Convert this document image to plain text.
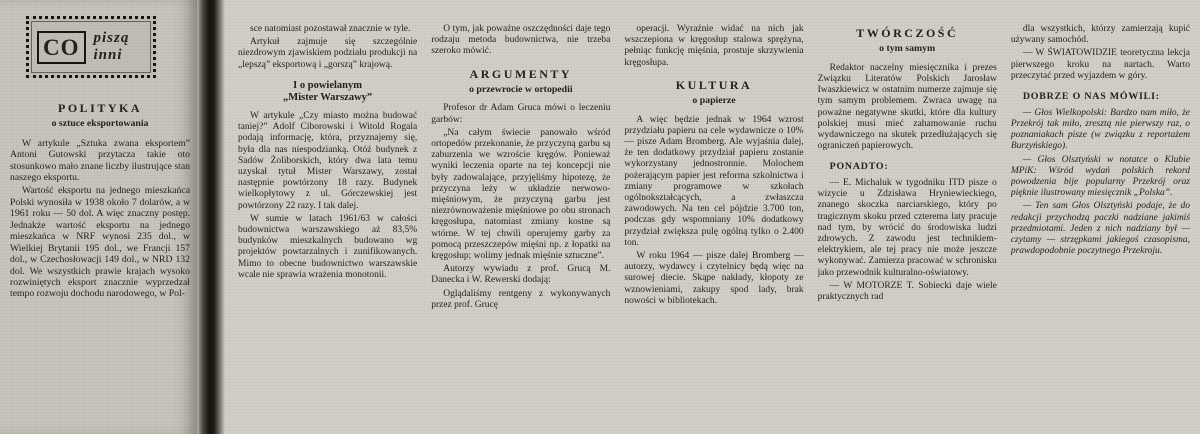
CO piszą
inni
POLITYKA
o sztuce eksportowania

W artykule „Sztuka zwana eksportem” Antoni Gutowski przytacza takie oto stosunkowo mało znane liczby ilustrujące stan naszego eksportu.

Wartość eksportu na jednego mieszkańca Polski wynosiła w 1938 około 7 dolarów, a w 1961 roku — 50 dol. A więc znaczny postęp. Jednakże wartość eksportu na jednego mieszkańca w NRF wynosi 235 dol., w Wielkiej Brytanii 195 dol., we Francji 157 dol., w Czechosłowacji 149 dol., w NRD 132 dol. We wszystkich prawie krajach wysoko rozwiniętych eksport znacznie wyprzedzał tempo rozwoju dochodu narodowego, w Pol-

sce natomiast pozostawał znacznie w tyle.

Artykuł zajmuje się szczególnie niezdrowym zjawiskiem podziału produkcji na „lepszą” eksportową i „gorszą” krajową.

I o powielanym
„Mister Warszawy”

W artykule „Czy miasto można budować taniej?” Adolf Ciborowski i Witold Rogala podają informację, która, przyznajemy się, była dla nas niespodzianką. Otóż budynek z Sadów Żoliborskich, który dwa lata temu uzyskał tytuł Mister Warszawy, został następnie powtórzony 18 razy. Budynek wielkopłytowy z ul. Górczewskiej jest powtórzony 22 razy. I tak dalej.

W sumie w latach 1961/63 w całości budownictwa warszawskiego aż 83,5% budynków mieszkalnych budowano wg projektów powtarzalnych i zunifikowanych. Mimo to obecne budownictwo warszawskie wcale nie sprawia wrażenia monotonii.

O tym, jak poważne oszczędności daje tego rodzaju metoda budownictwa, nie trzeba szeroko mówić.

ARGUMENTY
o przewrocie w ortopedii

Profesor dr Adam Gruca mówi o leczeniu garbów:

„Na całym świecie panowało wśród ortopedów przekonanie, że przyczyną garbu są zaburzenia we wzroście kręgów. Ponieważ wyniki leczenia oparte na tej koncepcji nie były zadowalające, przyjęliśmy hipotezę, że przyczyna leży w układzie nerwowo-mięśniowym, że przyczyną garbu jest niezrównoważenie mięśniowe po obu stronach kręgosłupa, natomiast zmiany kostne są wtórne. W tej chwili operujemy garby za pomocą przeszczepów mięśni np. z łopatki na kręgosłup; wolimy jednak mięśnie sztuczne”.

Autorzy wywiadu z prof. Grucą M. Danecka i W. Rewerski dodają:

Oglądaliśmy rentgeny z wykonywanych przez prof. Grucę

operacji. Wyraźnie widać na nich jak wszczepiona w kręgosłup stalowa sprężyna, pełniąc funkcję mięśnia, prostuje skrzywienia kręgosłupa.

KULTURA
o papierze

A więc będzie jednak w 1964 wzrost przydziału papieru na cele wydawnicze o 10% — pisze Adam Bromberg. Ale wyjaśnia dalej, że ten dodatkowy przydział papieru zostanie wykorzystany jednostronnie. Molochem pożerającym papier jest reforma szkolnictwa i zmiany programowe w szkołach ogólnokształcących, a zwłaszcza zawodowych. Na ten cel pójdzie 3.700 ton, podczas gdy wspomniany 10% dodatkowy przydział zwiększa pulę ogólną tylko o 2.400 ton.

W roku 1964 — pisze dalej Bromberg — autorzy, wydawcy i czytelnicy będą więc na surowej diecie. Skąpe nakłady, kłopoty ze wznowieniami, zakupy spod lady, brak nowości w bibliotekach.

TWÓRCZOŚĆ
o tym samym

Redaktor naczelny miesięcznika i prezes Związku Literatów Polskich Jarosław Iwaszkiewicz w ostatnim numerze zajmuje się tym samym problemem. Zwraca uwagę na poważne negatywne skutki, które dla kultury polskiej musi mieć zahamowanie ruchu wydawniczego na skutek przedłużających się ograniczeń papierowych.

PONADTO:

— E. Michaluk w tygodniku ITD pisze o wizycie u Zdzisława Hryniewieckiego, znanego skoczka narciarskiego, który po tragicznym skoku przed czterema laty pracuje nad tym, by wrócić do środowiska ludzi zdrowych. Z zawodu jest technikiem-elektrykiem, ale tej pracy nie może jeszcze wykonywać. Zamierza pracować w schronisku jako przewodnik kulturalno-oświatowy.

— W MOTORZE T. Sobiecki daje wiele praktycznych rad

dla wszystkich, którzy zamierzają kupić używany samochód.

— W ŚWIATOWIDZIE teoretyczna lekcja pierwszego kroku na nartach. Warto przeczytać przed wyjazdem w góry.

DOBRZE O NAS MÓWILI:

— Głos Wielkopolski: Bardzo nam miło, że Przekrój tak miło, zresztą nie pierwszy raz, o poznaniakach pisze (w związku z reportażem Burzyńskiego).

— Głos Olsztyński w notatce o Klubie MPiK: Wśród wydań polskich rekord powodzenia bije popularny Przekrój oraz pięknie ilustrowany miesięcznik „Polska”.

— Ten sam Głos Olsztyński podaje, że do redakcji przychodzą paczki nadziane jakimiś przedmiotami. Jeden z nich nadziany był — czytamy — strzępkami jakiegoś czasopisma, prawdopodobnie poczytnego Przekroju.
